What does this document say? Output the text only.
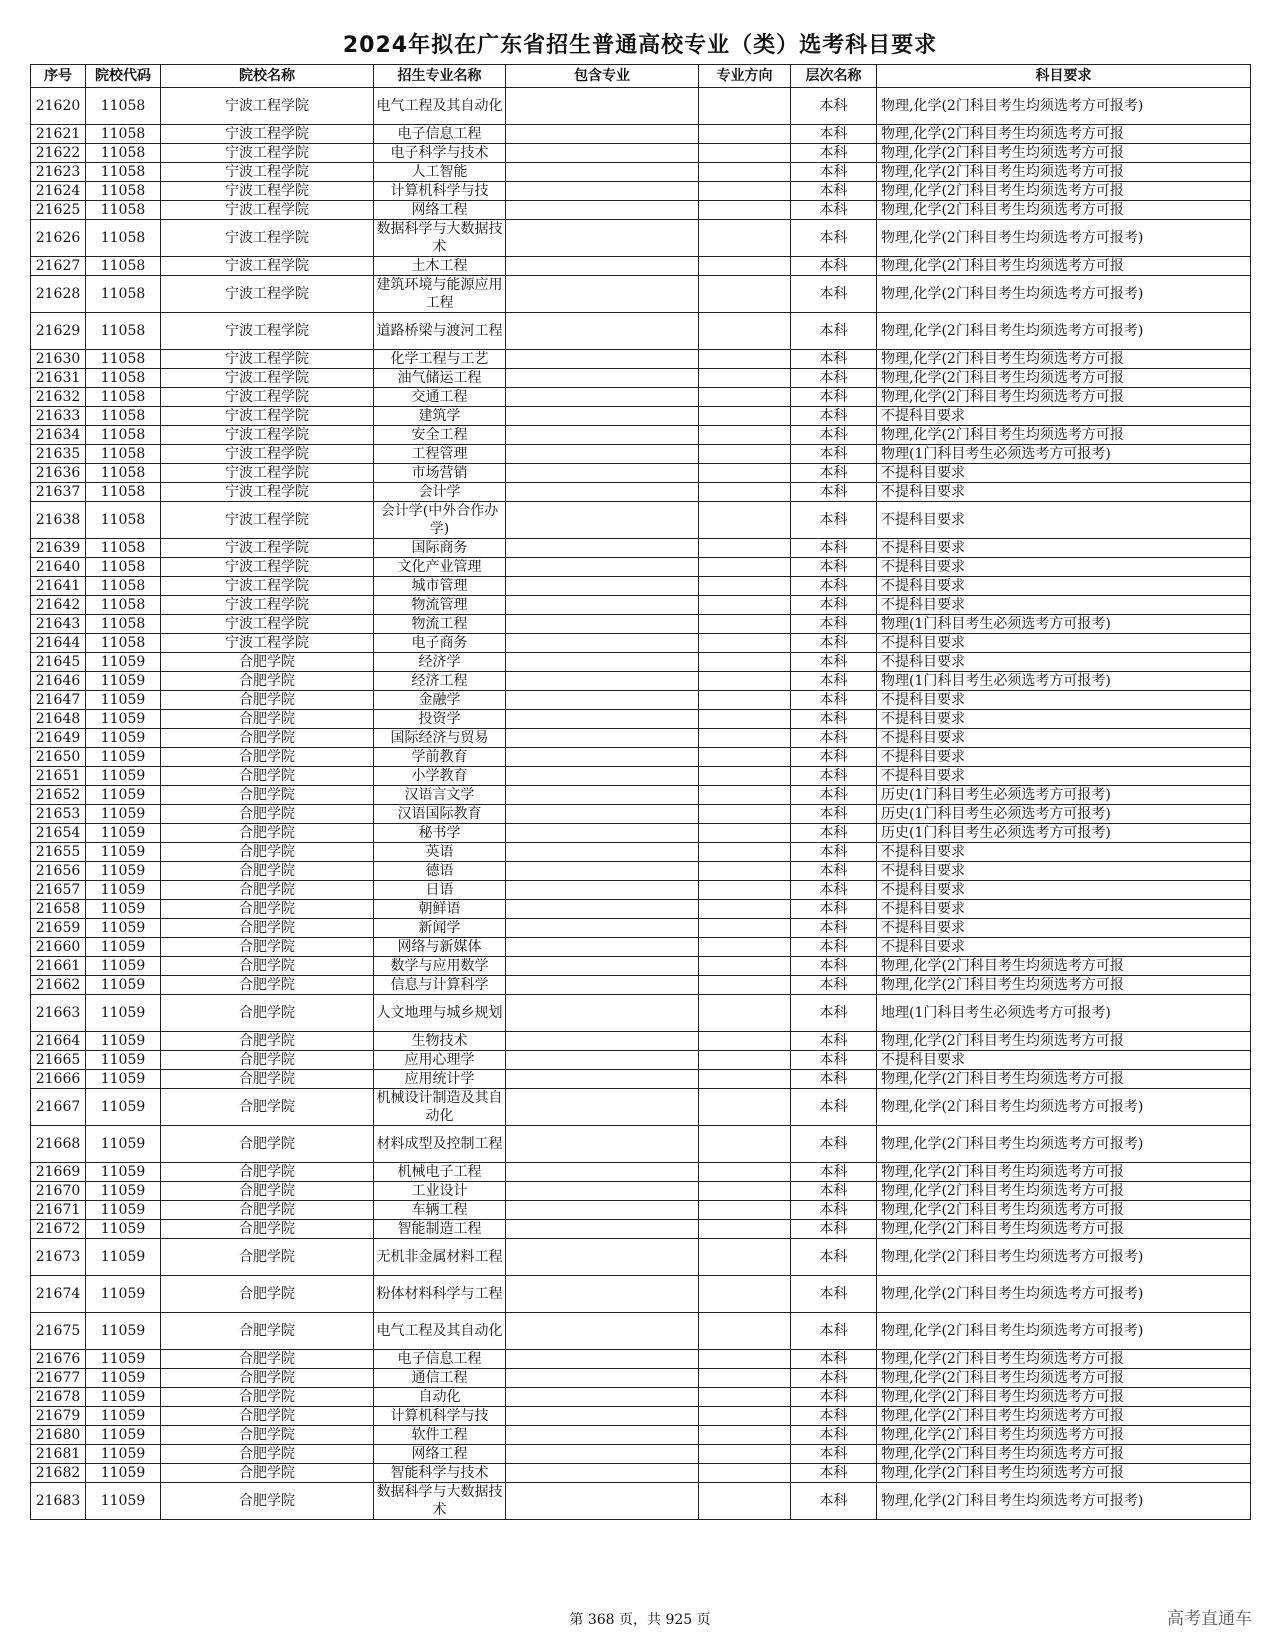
2024年拟在广东省招生普通高校专业（类）选考科目要求
序号	院校代码	院校名称	招生专业名称	包含专业	专业方向	层次名称	科目要求
21620	11058	宁波工程学院	电气工程及其自动化			本科	物理,化学(2门科目考生均须选考方可报考)
21621	11058	宁波工程学院	电子信息工程			本科	物理,化学(2门科目考生均须选考方可报
21622	11058	宁波工程学院	电子科学与技术			本科	物理,化学(2门科目考生均须选考方可报
21623	11058	宁波工程学院	人工智能			本科	物理,化学(2门科目考生均须选考方可报
21624	11058	宁波工程学院	计算机科学与技			本科	物理,化学(2门科目考生均须选考方可报
21625	11058	宁波工程学院	网络工程			本科	物理,化学(2门科目考生均须选考方可报
21626	11058	宁波工程学院	数据科学与大数据技术			本科	物理,化学(2门科目考生均须选考方可报考)
21627	11058	宁波工程学院	土木工程			本科	物理,化学(2门科目考生均须选考方可报
21628	11058	宁波工程学院	建筑环境与能源应用工程			本科	物理,化学(2门科目考生均须选考方可报考)
21629	11058	宁波工程学院	道路桥梁与渡河工程			本科	物理,化学(2门科目考生均须选考方可报考)
21630	11058	宁波工程学院	化学工程与工艺			本科	物理,化学(2门科目考生均须选考方可报
21631	11058	宁波工程学院	油气储运工程			本科	物理,化学(2门科目考生均须选考方可报
21632	11058	宁波工程学院	交通工程			本科	物理,化学(2门科目考生均须选考方可报
21633	11058	宁波工程学院	建筑学			本科	不提科目要求
21634	11058	宁波工程学院	安全工程			本科	物理,化学(2门科目考生均须选考方可报
21635	11058	宁波工程学院	工程管理			本科	物理(1门科目考生必须选考方可报考)
21636	11058	宁波工程学院	市场营销			本科	不提科目要求
21637	11058	宁波工程学院	会计学			本科	不提科目要求
21638	11058	宁波工程学院	会计学(中外合作办学)			本科	不提科目要求
21639	11058	宁波工程学院	国际商务			本科	不提科目要求
21640	11058	宁波工程学院	文化产业管理			本科	不提科目要求
21641	11058	宁波工程学院	城市管理			本科	不提科目要求
21642	11058	宁波工程学院	物流管理			本科	不提科目要求
21643	11058	宁波工程学院	物流工程			本科	物理(1门科目考生必须选考方可报考)
21644	11058	宁波工程学院	电子商务			本科	不提科目要求
21645	11059	合肥学院	经济学			本科	不提科目要求
21646	11059	合肥学院	经济工程			本科	物理(1门科目考生必须选考方可报考)
21647	11059	合肥学院	金融学			本科	不提科目要求
21648	11059	合肥学院	投资学			本科	不提科目要求
21649	11059	合肥学院	国际经济与贸易			本科	不提科目要求
21650	11059	合肥学院	学前教育			本科	不提科目要求
21651	11059	合肥学院	小学教育			本科	不提科目要求
21652	11059	合肥学院	汉语言文学			本科	历史(1门科目考生必须选考方可报考)
21653	11059	合肥学院	汉语国际教育			本科	历史(1门科目考生必须选考方可报考)
21654	11059	合肥学院	秘书学			本科	历史(1门科目考生必须选考方可报考)
21655	11059	合肥学院	英语			本科	不提科目要求
21656	11059	合肥学院	德语			本科	不提科目要求
21657	11059	合肥学院	日语			本科	不提科目要求
21658	11059	合肥学院	朝鲜语			本科	不提科目要求
21659	11059	合肥学院	新闻学			本科	不提科目要求
21660	11059	合肥学院	网络与新媒体			本科	不提科目要求
21661	11059	合肥学院	数学与应用数学			本科	物理,化学(2门科目考生均须选考方可报
21662	11059	合肥学院	信息与计算科学			本科	物理,化学(2门科目考生均须选考方可报
21663	11059	合肥学院	人文地理与城乡规划			本科	地理(1门科目考生必须选考方可报考)
21664	11059	合肥学院	生物技术			本科	物理,化学(2门科目考生均须选考方可报
21665	11059	合肥学院	应用心理学			本科	不提科目要求
21666	11059	合肥学院	应用统计学			本科	物理,化学(2门科目考生均须选考方可报
21667	11059	合肥学院	机械设计制造及其自动化			本科	物理,化学(2门科目考生均须选考方可报考)
21668	11059	合肥学院	材料成型及控制工程			本科	物理,化学(2门科目考生均须选考方可报考)
21669	11059	合肥学院	机械电子工程			本科	物理,化学(2门科目考生均须选考方可报
21670	11059	合肥学院	工业设计			本科	物理,化学(2门科目考生均须选考方可报
21671	11059	合肥学院	车辆工程			本科	物理,化学(2门科目考生均须选考方可报
21672	11059	合肥学院	智能制造工程			本科	物理,化学(2门科目考生均须选考方可报
21673	11059	合肥学院	无机非金属材料工程			本科	物理,化学(2门科目考生均须选考方可报考)
21674	11059	合肥学院	粉体材料科学与工程			本科	物理,化学(2门科目考生均须选考方可报考)
21675	11059	合肥学院	电气工程及其自动化			本科	物理,化学(2门科目考生均须选考方可报考)
21676	11059	合肥学院	电子信息工程			本科	物理,化学(2门科目考生均须选考方可报
21677	11059	合肥学院	通信工程			本科	物理,化学(2门科目考生均须选考方可报
21678	11059	合肥学院	自动化			本科	物理,化学(2门科目考生均须选考方可报
21679	11059	合肥学院	计算机科学与技			本科	物理,化学(2门科目考生均须选考方可报
21680	11059	合肥学院	软件工程			本科	物理,化学(2门科目考生均须选考方可报
21681	11059	合肥学院	网络工程			本科	物理,化学(2门科目考生均须选考方可报
21682	11059	合肥学院	智能科学与技术			本科	物理,化学(2门科目考生均须选考方可报
21683	11059	合肥学院	数据科学与大数据技术			本科	物理,化学(2门科目考生均须选考方可报考)
第 368 页，共 925 页	高考直通车
